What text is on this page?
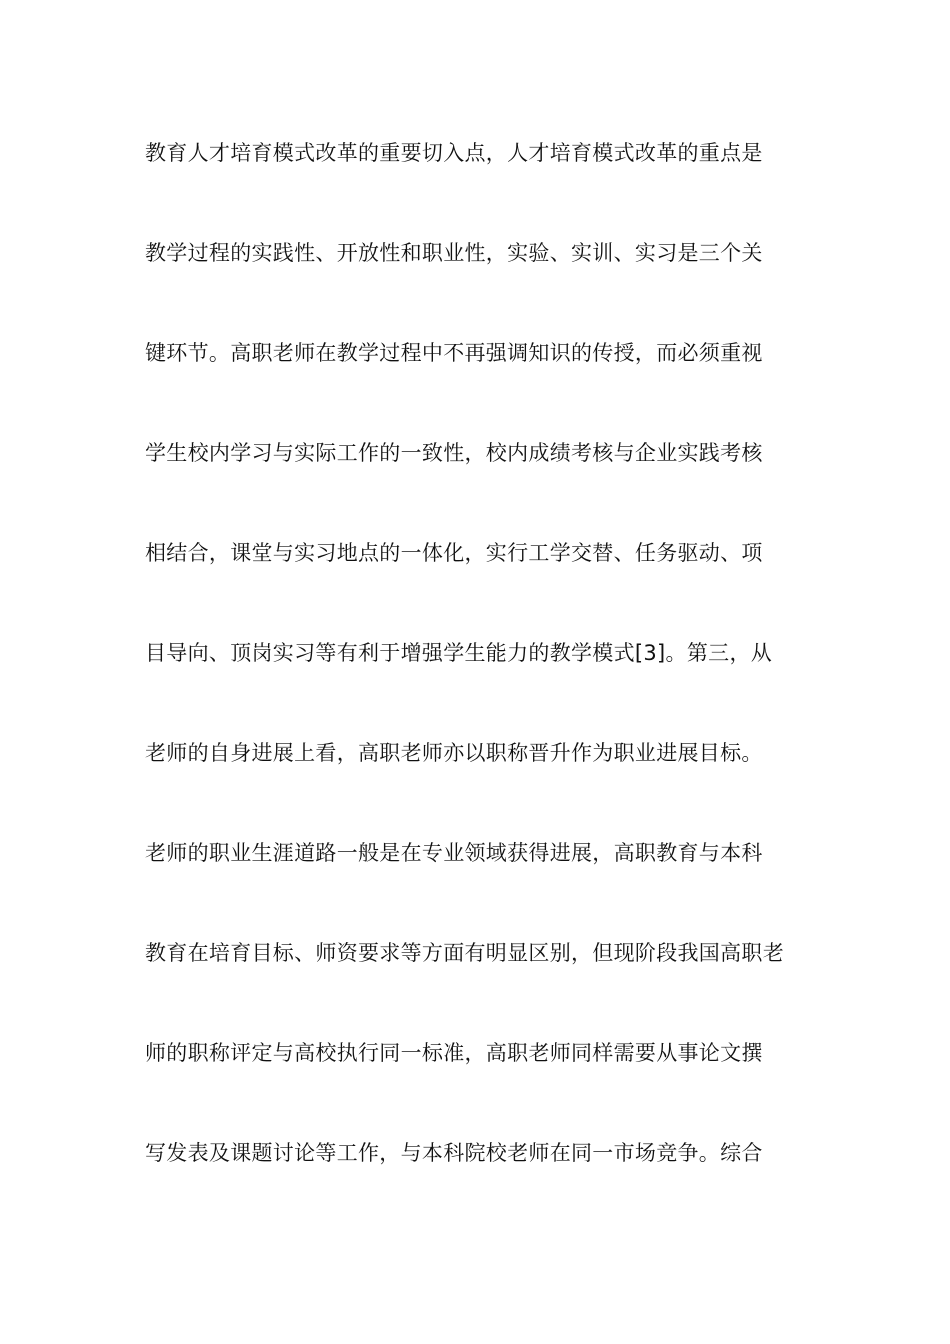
教育人才培育模式改革的重要切入点，人才培育模式改革的重点是
教学过程的实践性、开放性和职业性，实验、实训、实习是三个关
键环节。高职老师在教学过程中不再强调知识的传授，而必须重视
学生校内学习与实际工作的一致性，校内成绩考核与企业实践考核
相结合，课堂与实习地点的一体化，实行工学交替、任务驱动、项
目导向、顶岗实习等有利于增强学生能力的教学模式[3]。第三，从
老师的自身进展上看，高职老师亦以职称晋升作为职业进展目标。
老师的职业生涯道路一般是在专业领域获得进展，高职教育与本科
教育在培育目标、师资要求等方面有明显区别，但现阶段我国高职老
师的职称评定与高校执行同一标准，高职老师同样需要从事论文撰
写发表及课题讨论等工作，与本科院校老师在同一市场竞争。综合
